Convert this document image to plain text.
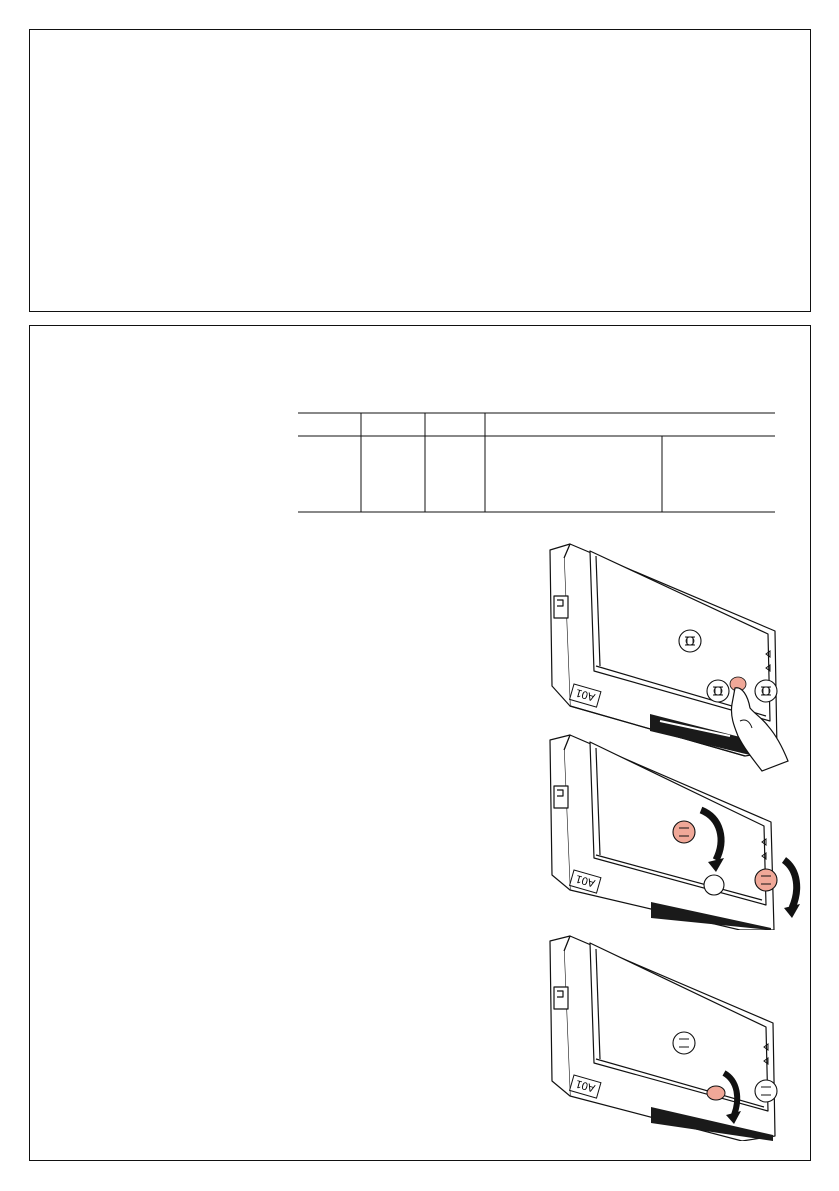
A01
A01
A01
